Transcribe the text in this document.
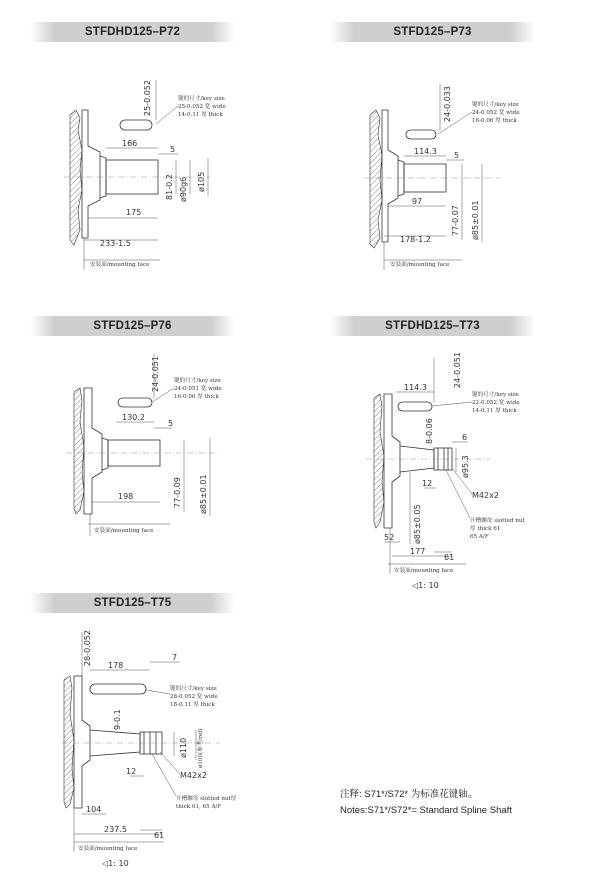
STFDHD125–P72	STFD125–P73
STFD125–P76	STFDHD125–T73
STFD125–T75
166
5
25-0.052	键的尺寸/key size
25-0.052 宽 wide
14-0.11 厚 thick
81-0.2 ø90g6 ø105
175
233-1.5
安装面/mounting face
114.3 5
24-0.033	键的尺寸/key size
24-0.052 宽 wide
16-0.06 厚 thick
97
77-0.07 ø85±0.01
178-1.2
安装面/mounting face
130.2
5
24-0.051	键的尺寸/key size
24-0.051 宽 wide
16-0.06 厚 thick
198	77-0.09 ø85±0.01
安装面/mounting face
114.3	24-0.051
键的尺寸/key size
22-0.052 宽 wide
14-0.11 厚 thick
8-0.06	6
ø95.3
12
M42x2
开槽螺母 slotted nut
厚 thick 61
65 A/F
ø85±0.05
52
177
61
安装面/mounting face
◁1: 10
178
7
28-0.052
键的尺寸/key size
28-0.052 宽 wide
18-0.11 厚 thick
9-0.1
ø110	ø100(参考/ref)
12	M42x2
开槽螺母 slotted nut厚
thick 61, 65 A/F
104
237.5
61
安装面/mounting face
◁1: 10
注释: S71*/S72* 为标准花键轴。
Notes:S71*/S72*= Standard Spline Shaft
